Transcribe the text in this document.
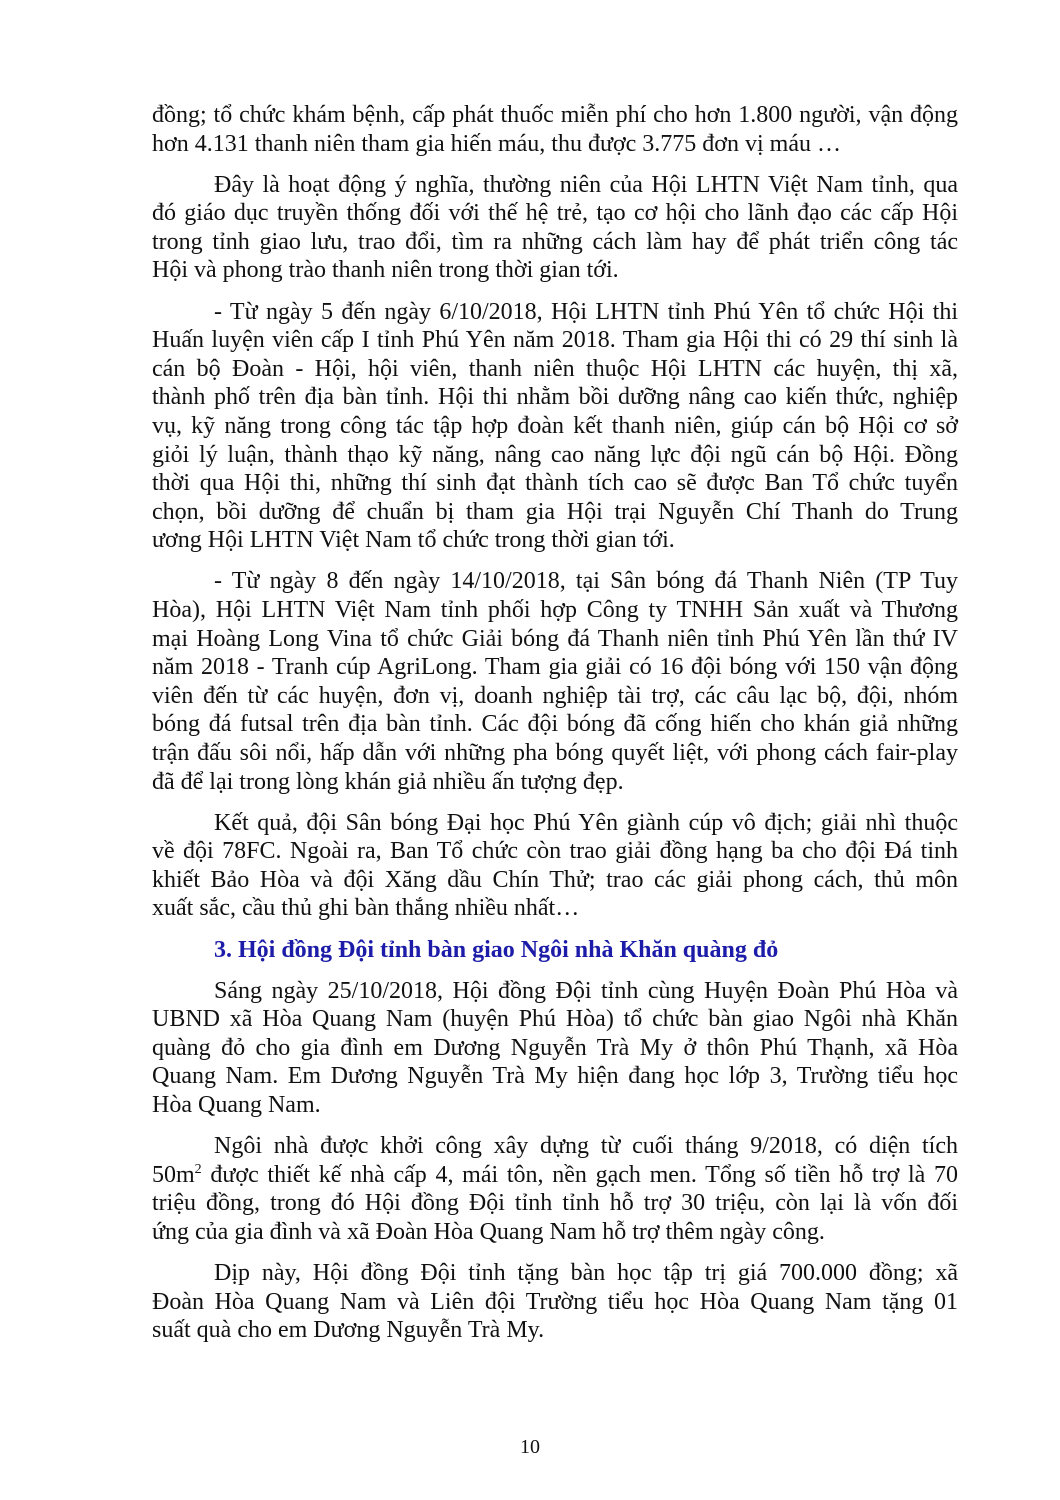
đồng; tổ chức khám bệnh, cấp phát thuốc miễn phí cho hơn 1.800 người, vận động
hơn 4.131 thanh niên tham gia hiến máu, thu được 3.775 đơn vị máu …
Đây là hoạt động ý nghĩa, thường niên của Hội LHTN Việt Nam tỉnh, qua
đó giáo dục truyền thống đối với thế hệ trẻ, tạo cơ hội cho lãnh đạo các cấp Hội
trong tỉnh giao lưu, trao đổi, tìm ra những cách làm hay để phát triển công tác
Hội và phong trào thanh niên trong thời gian tới.
- Từ ngày 5 đến ngày 6/10/2018, Hội LHTN tỉnh Phú Yên tổ chức Hội thi
Huấn luyện viên cấp I tỉnh Phú Yên năm 2018. Tham gia Hội thi có 29 thí sinh là
cán bộ Đoàn - Hội, hội viên, thanh niên thuộc Hội LHTN các huyện, thị xã,
thành phố trên địa bàn tỉnh. Hội thi nhằm bồi dưỡng nâng cao kiến thức, nghiệp
vụ, kỹ năng trong công tác tập hợp đoàn kết thanh niên, giúp cán bộ Hội cơ sở
giỏi lý luận, thành thạo kỹ năng, nâng cao năng lực đội ngũ cán bộ Hội. Đồng
thời qua Hội thi, những thí sinh đạt thành tích cao sẽ được Ban Tổ chức tuyển
chọn, bồi dưỡng để chuẩn bị tham gia Hội trại Nguyễn Chí Thanh do Trung
ương Hội LHTN Việt Nam tổ chức trong thời gian tới.
- Từ ngày 8 đến ngày 14/10/2018, tại Sân bóng đá Thanh Niên (TP Tuy
Hòa), Hội LHTN Việt Nam tỉnh phối hợp Công ty TNHH Sản xuất và Thương
mại Hoàng Long Vina tổ chức Giải bóng đá Thanh niên tỉnh Phú Yên lần thứ IV
năm 2018 - Tranh cúp AgriLong. Tham gia giải có 16 đội bóng với 150 vận động
viên đến từ các huyện, đơn vị, doanh nghiệp tài trợ, các câu lạc bộ, đội, nhóm
bóng đá futsal trên địa bàn tỉnh. Các đội bóng đã cống hiến cho khán giả những
trận đấu sôi nổi, hấp dẫn với những pha bóng quyết liệt, với phong cách fair-play
đã để lại trong lòng khán giả nhiều ấn tượng đẹp.
Kết quả, đội Sân bóng Đại học Phú Yên giành cúp vô địch; giải nhì thuộc
về đội 78FC. Ngoài ra, Ban Tổ chức còn trao giải đồng hạng ba cho đội Đá tinh
khiết Bảo Hòa và đội Xăng dầu Chín Thử; trao các giải phong cách, thủ môn
xuất sắc, cầu thủ ghi bàn thắng nhiều nhất…
3. Hội đồng Đội tỉnh bàn giao Ngôi nhà Khăn quàng đỏ
Sáng ngày 25/10/2018, Hội đồng Đội tỉnh cùng Huyện Đoàn Phú Hòa và
UBND xã Hòa Quang Nam (huyện Phú Hòa) tổ chức bàn giao Ngôi nhà Khăn
quàng đỏ cho gia đình em Dương Nguyễn Trà My ở thôn Phú Thạnh, xã Hòa
Quang Nam. Em Dương Nguyễn Trà My hiện đang học lớp 3, Trường tiểu học
Hòa Quang Nam.
Ngôi nhà được khởi công xây dựng từ cuối tháng 9/2018, có diện tích
$50m^2$ được thiết kế nhà cấp 4, mái tôn, nền gạch men. Tổng số tiền hỗ trợ là 70
triệu đồng, trong đó Hội đồng Đội tỉnh tỉnh hỗ trợ 30 triệu, còn lại là vốn đối
ứng của gia đình và xã Đoàn Hòa Quang Nam hỗ trợ thêm ngày công.
Dịp này, Hội đồng Đội tỉnh tặng bàn học tập trị giá 700.000 đồng; xã
Đoàn Hòa Quang Nam và Liên đội Trường tiểu học Hòa Quang Nam tặng 01
suất quà cho em Dương Nguyễn Trà My.
10
